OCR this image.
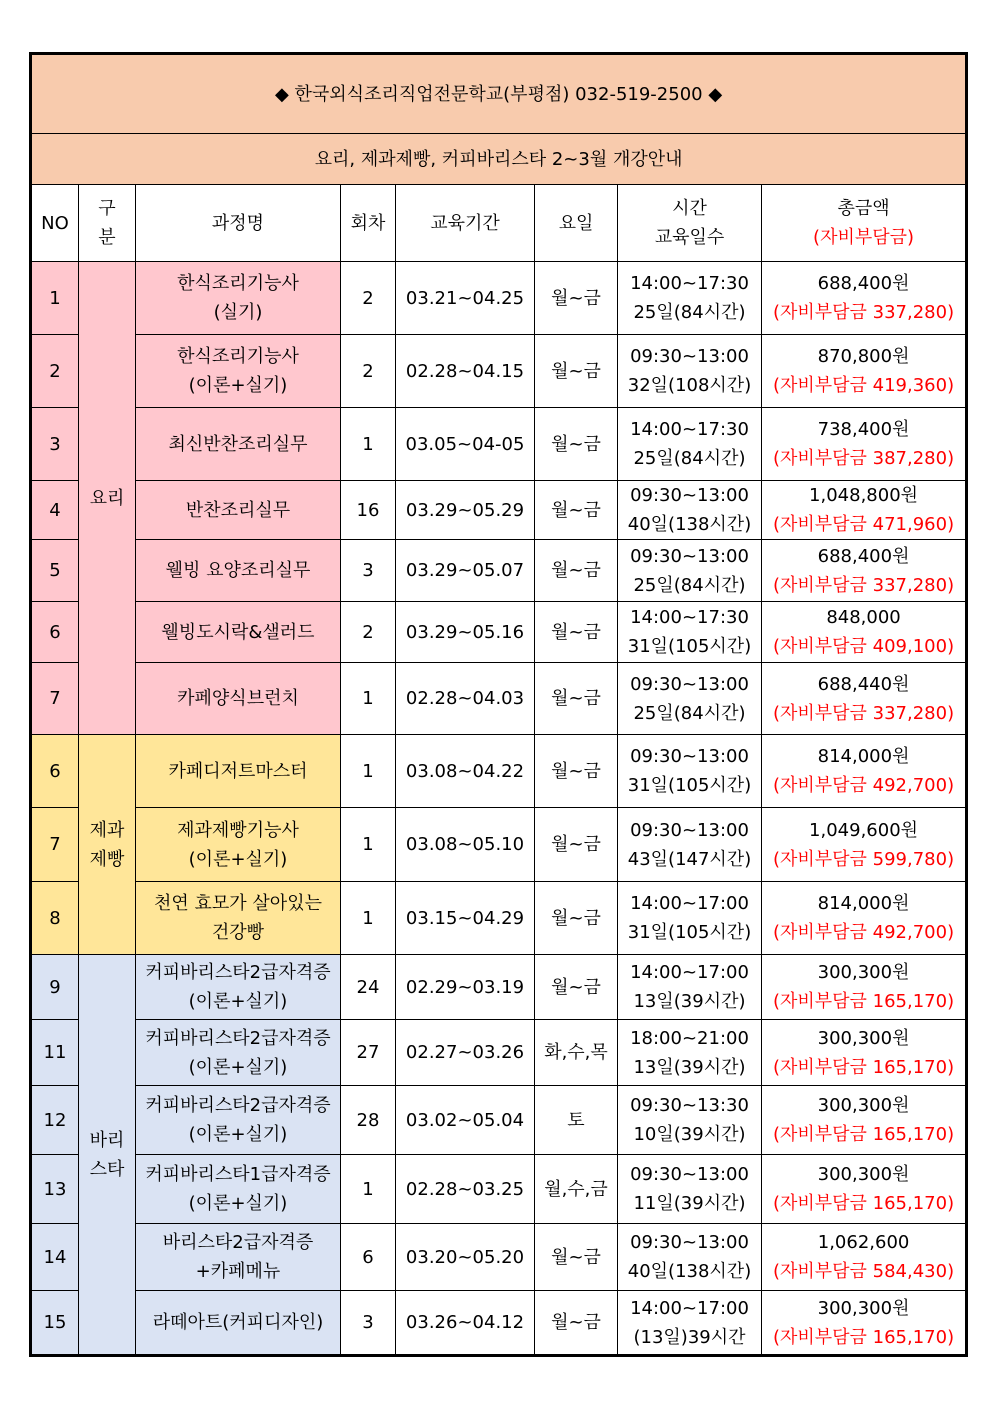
◆ 한국외식조리직업전문학교(부평점) 032-519-2500 ◆							
요리, 제과제빵, 커피바리스타 2~3월 개강안내							
NO	구
분	과정명	회차	교육기간	요일	시간
교육일수	총금액
(자비부담금)

1	요리	한식조리기능사
(실기)	2	03.21~04.25	월~금	14:00~17:30
25일(84시간)	688,400원
(자비부담금 337,280)

2		한식조리기능사
(이론+실기)	2	02.28~04.15	월~금	09:30~13:00
32일(108시간)	870,800원
(자비부담금 419,360)

3		최신반찬조리실무	1	03.05~04-05	월~금	14:00~17:30
25일(84시간)	738,400원
(자비부담금 387,280)

4		반찬조리실무	16	03.29~05.29	월~금	09:30~13:00
40일(138시간)	1,048,800원
(자비부담금 471,960)

5		웰빙 요양조리실무	3	03.29~05.07	월~금	09:30~13:00
25일(84시간)	688,400원
(자비부담금 337,280)

6		웰빙도시락&샐러드	2	03.29~05.16	월~금	14:00~17:30
31일(105시간)	848,000
(자비부담금 409,100)

7		카페양식브런치	1	02.28~04.03	월~금	09:30~13:00
25일(84시간)	688,440원
(자비부담금 337,280)

6	제과
제빵	카페디저트마스터	1	03.08~04.22	월~금	09:30~13:00
31일(105시간)	814,000원
(자비부담금 492,700)

7		제과제빵기능사
(이론+실기)	1	03.08~05.10	월~금	09:30~13:00
43일(147시간)	1,049,600원
(자비부담금 599,780)

8		천연 효모가 살아있는
건강빵	1	03.15~04.29	월~금	14:00~17:00
31일(105시간)	814,000원
(자비부담금 492,700)

9	바리
스타	커피바리스타2급자격증
(이론+실기)	24	02.29~03.19	월~금	14:00~17:00
13일(39시간)	300,300원
(자비부담금 165,170)

11		커피바리스타2급자격증
(이론+실기)	27	02.27~03.26	화,수,목	18:00~21:00
13일(39시간)	300,300원
(자비부담금 165,170)

12		커피바리스타2급자격증
(이론+실기)	28	03.02~05.04	토	09:30~13:30
10일(39시간)	300,300원
(자비부담금 165,170)

13		커피바리스타1급자격증
(이론+실기)	1	02.28~03.25	월,수,금	09:30~13:00
11일(39시간)	300,300원
(자비부담금 165,170)

14		바리스타2급자격증
+카페메뉴	6	03.20~05.20	월~금	09:30~13:00
40일(138시간)	1,062,600
(자비부담금 584,430)

15		라떼아트(커피디자인)	3	03.26~04.12	월~금	14:00~17:00
(13일)39시간	300,300원
(자비부담금 165,170)
